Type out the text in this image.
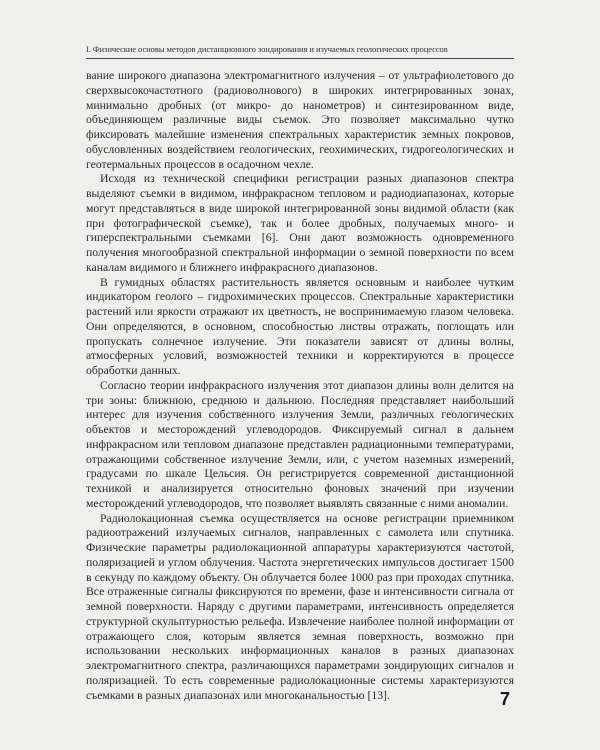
I. Физические основы методов дистанционного зондирования и изучаемых геологических процессов

вание широкого диапазона электромагнитного излучения – от ультрафиолетового до сверхвысокочастотного (радиоволнового) в широких интегрированных зонах, минимально дробных (от микро- до нанометров) и синтезированном виде, объединяющем различные виды съемок. Это позволяет максимально чутко фиксировать малейшие изменения спектральных характеристик земных покровов, обусловленных воздействием геологических, геохимических, гидрогеологических и геотермальных процессов в осадочном чехле.

Исходя из технической специфики регистрации разных диапазонов спектра выделяют съемки в видимом, инфракрасном тепловом и радиодиапазонах, которые могут представляться в виде широкой интегрированной зоны видимой области (как при фотографической съемке), так и более дробных, получаемых много- и гиперспектральными съемками [6]. Они дают возможность одновременного получения многообразной спектральной информации о земной поверхности по всем каналам видимого и ближнего инфракрасного диапазонов.

В гумидных областях растительность является основным и наиболее чутким индикатором геолого – гидрохимических процессов. Спектральные характеристики растений или яркости отражают их цветность, не воспринимаемую глазом человека. Они определяются, в основном, способностью листвы отражать, поглощать или пропускать солнечное излучение. Эти показатели зависят от длины волны, атмосферных условий, возможностей техники и корректируются в процессе обработки данных.

Согласно теории инфракрасного излучения этот диапазон длины волн делится на три зоны: ближнюю, среднюю и дальнюю. Последняя представляет наибольший интерес для изучения собственного излучения Земли, различных геологических объектов и месторождений углеводородов. Фиксируемый сигнал в дальнем инфракрасном или тепловом диапазоне представлен радиационными температурами, отражающими собственное излучение Земли, или, с учетом наземных измерений, градусами по шкале Цельсия. Он регистрируется современной дистанционной техникой и анализируется относительно фоновых значений при изучении месторождений углеводородов, что позволяет выявлять связанные с ними аномалии.

Радиолокационная съемка осуществляется на основе регистрации приемником радиоотражений излучаемых сигналов, направленных с самолета или спутника. Физические параметры радиолокационной аппаратуры характеризуются частотой, поляризацией и углом облучения. Частота энергетических импульсов достигает 1500 в секунду по каждому объекту. Он облучается более 1000 раз при проходах спутника. Все отраженные сигналы фиксируются по времени, фазе и интенсивности сигнала от земной поверхности. Наряду с другими параметрами, интенсивность определяется структурной скульптурностью рельефа. Извлечение наиболее полной информации от отражающего слоя, которым является земная поверхность, возможно при использовании нескольких информационных каналов в разных диапазонах электромагнитного спектра, различающихся параметрами зондирующих сигналов и поляризацией. То есть современные радиолокационные системы характеризуются съемками в разных диапазонах или многоканальностью [13].	7
